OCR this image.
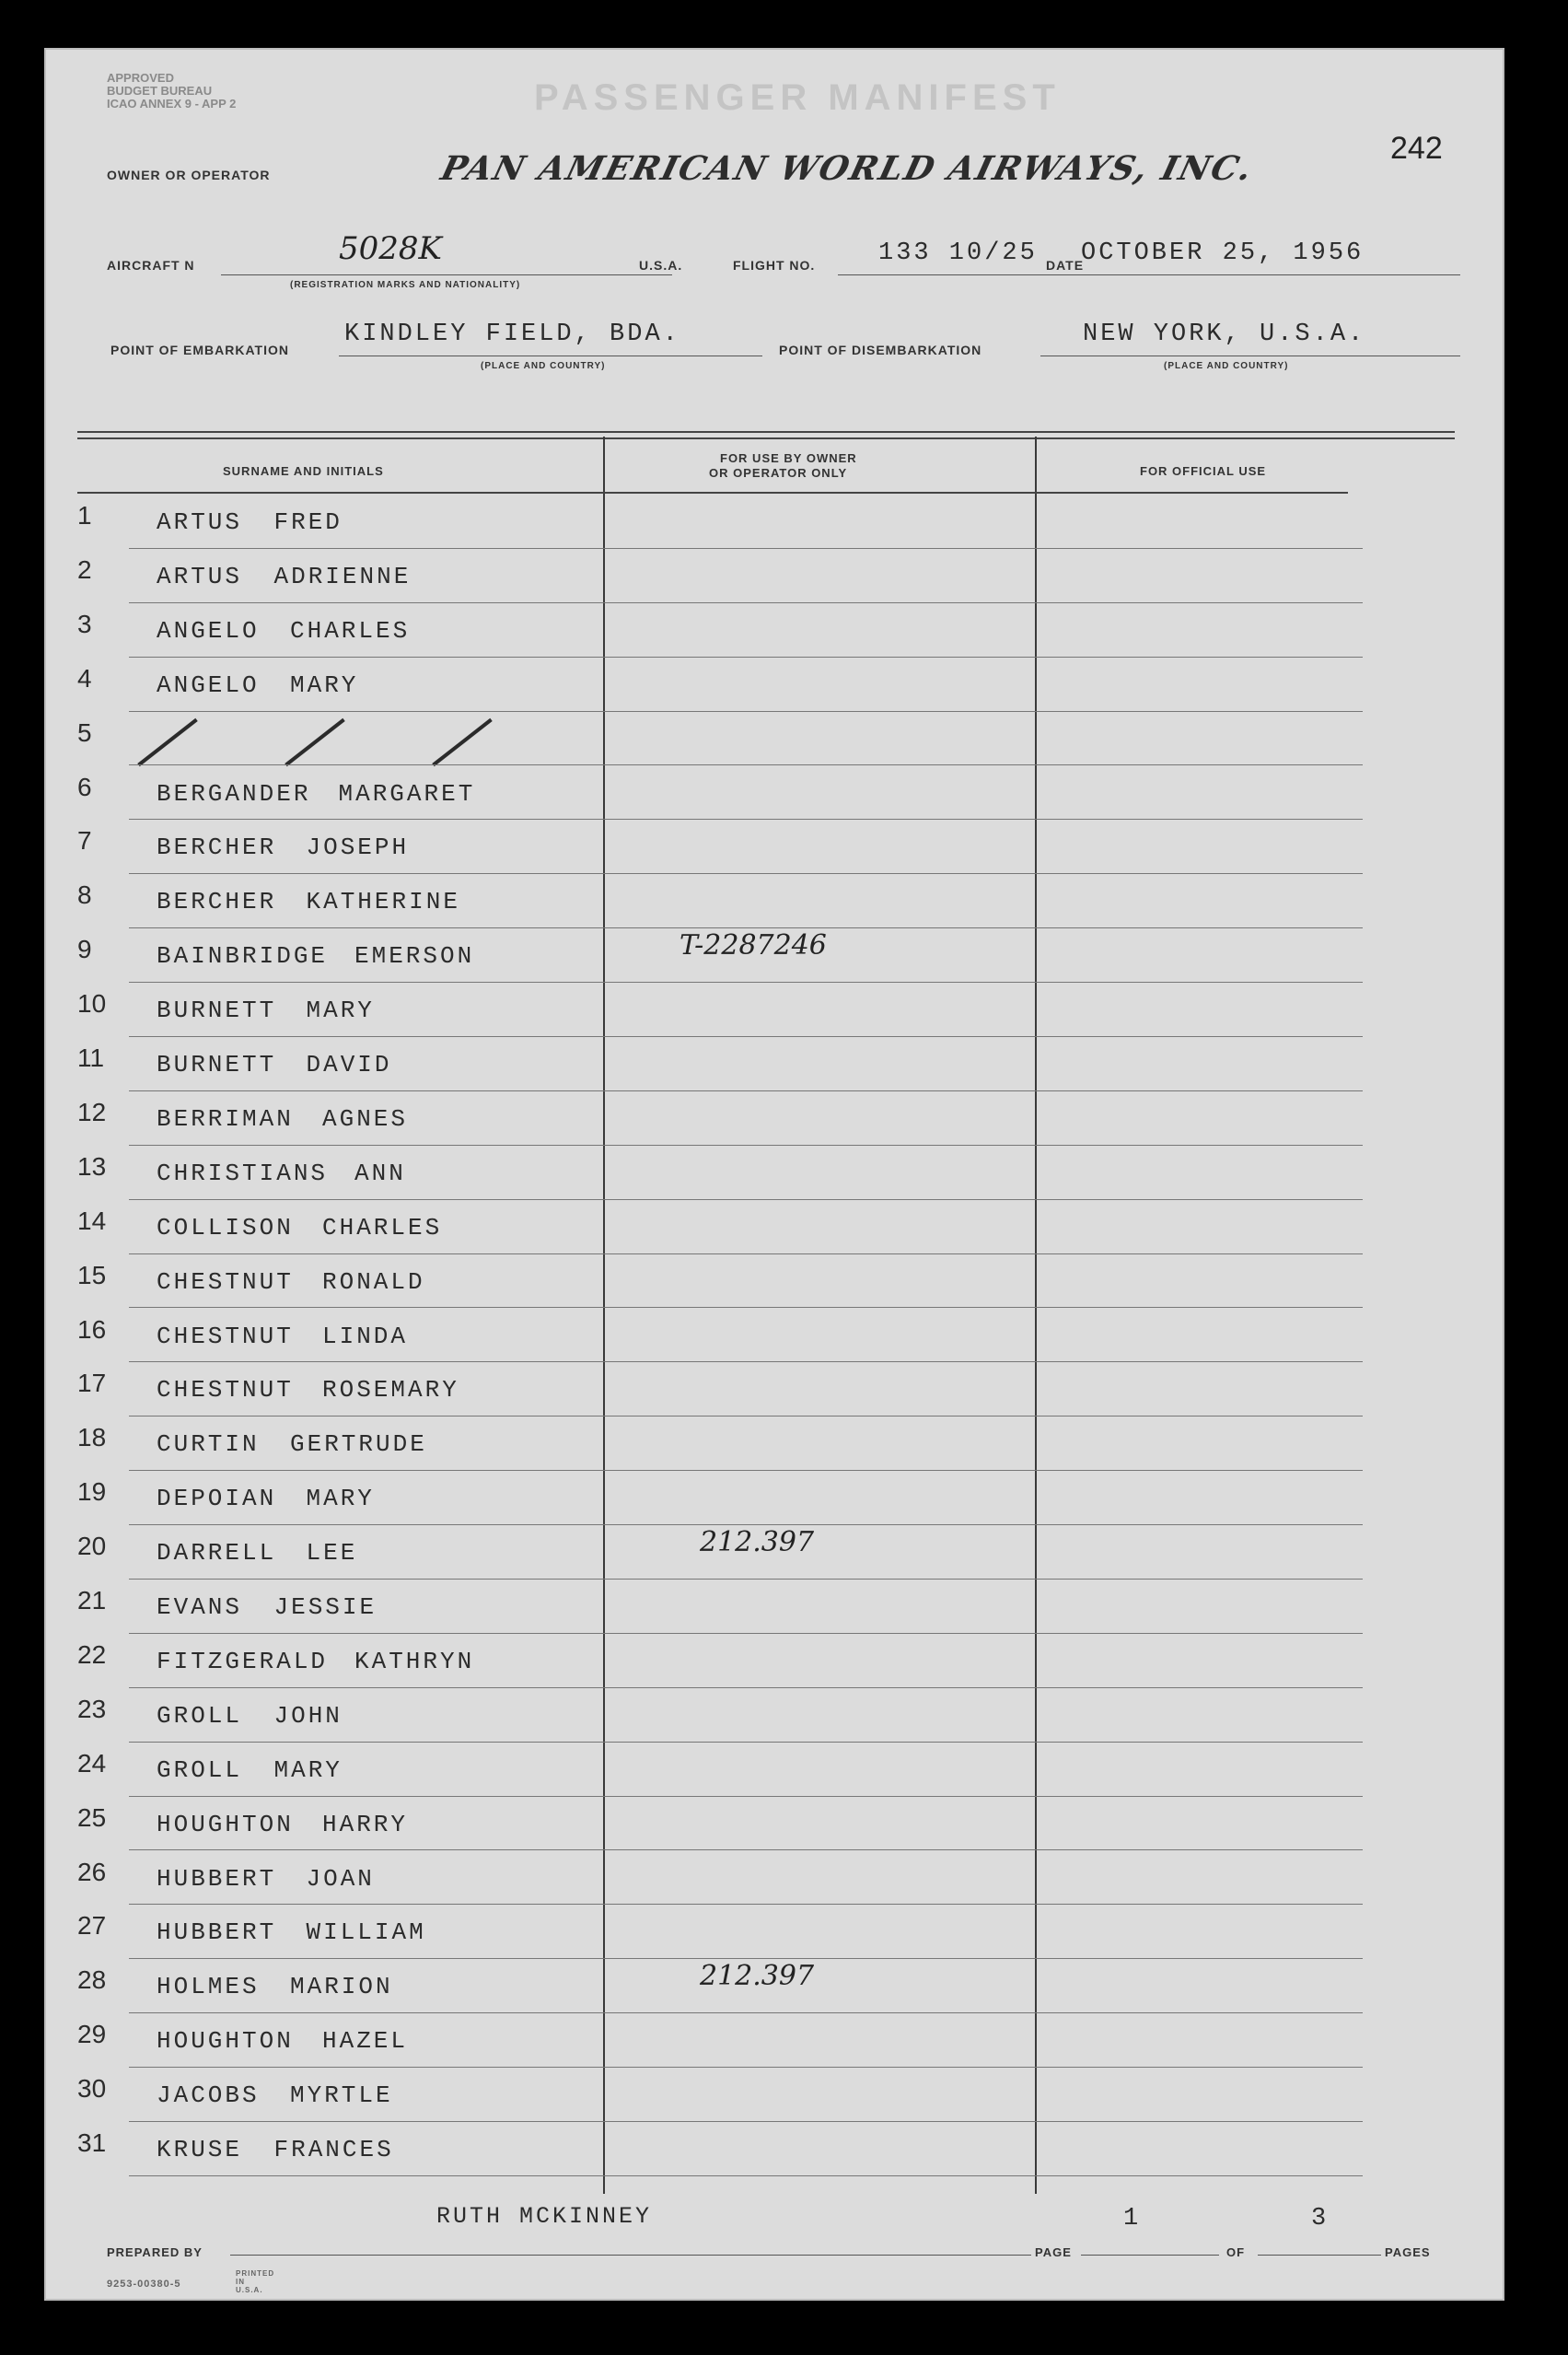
APPROVED
BUDGET BUREAU
ICAO ANNEX 9 - APP 2	PASSENGER MANIFEST
242
OWNER OR OPERATOR	PAN AMERICAN WORLD AIRWAYS, INC.
AIRCRAFT N	5028K
(REGISTRATION MARKS AND NATIONALITY)
U.S.A.	FLIGHT NO.	133 10/25 DATE
OCTOBER 25, 1956
POINT OF EMBARKATION
KINDLEY FIELD, BDA.
(PLACE AND COUNTRY)
POINT OF DISEMBARKATION
NEW YORK, U.S.A.
(PLACE AND COUNTRY)
SURNAME AND INITIALS
FOR USE BY OWNER
OR OPERATOR ONLY	FOR OFFICIAL USE
1	ARTUS FRED
2	ARTUS ADRIENNE
3	ANGELO CHARLES
4	ANGELO MARY
5
6	BERGANDER MARGARET
7	BERCHER JOSEPH
8	BERCHER KATHERINE
9	BAINBRIDGE EMERSON	T-2287246
10	BURNETT MARY
11	BURNETT DAVID
12	BERRIMAN AGNES
13	CHRISTIANS ANN
14	COLLISON CHARLES
15	CHESTNUT RONALD
16	CHESTNUT LINDA
17	CHESTNUT ROSEMARY
18	CURTIN GERTRUDE
19	DEPOIAN MARY
20	DARRELL LEE	212.397
21	EVANS JESSIE
22	FITZGERALD KATHRYN
23	GROLL JOHN
24	GROLL MARY
25	HOUGHTON HARRY
26	HUBBERT JOAN
27	HUBBERT WILLIAM
28	HOLMES MARION	212.397
29	HOUGHTON HAZEL
30	JACOBS MYRTLE
31	KRUSE FRANCES
PREPARED BY
RUTH MCKINNEY
PAGE
1
OF
3
PAGES
9253-00380-5
PRINTED IN U.S.A.
